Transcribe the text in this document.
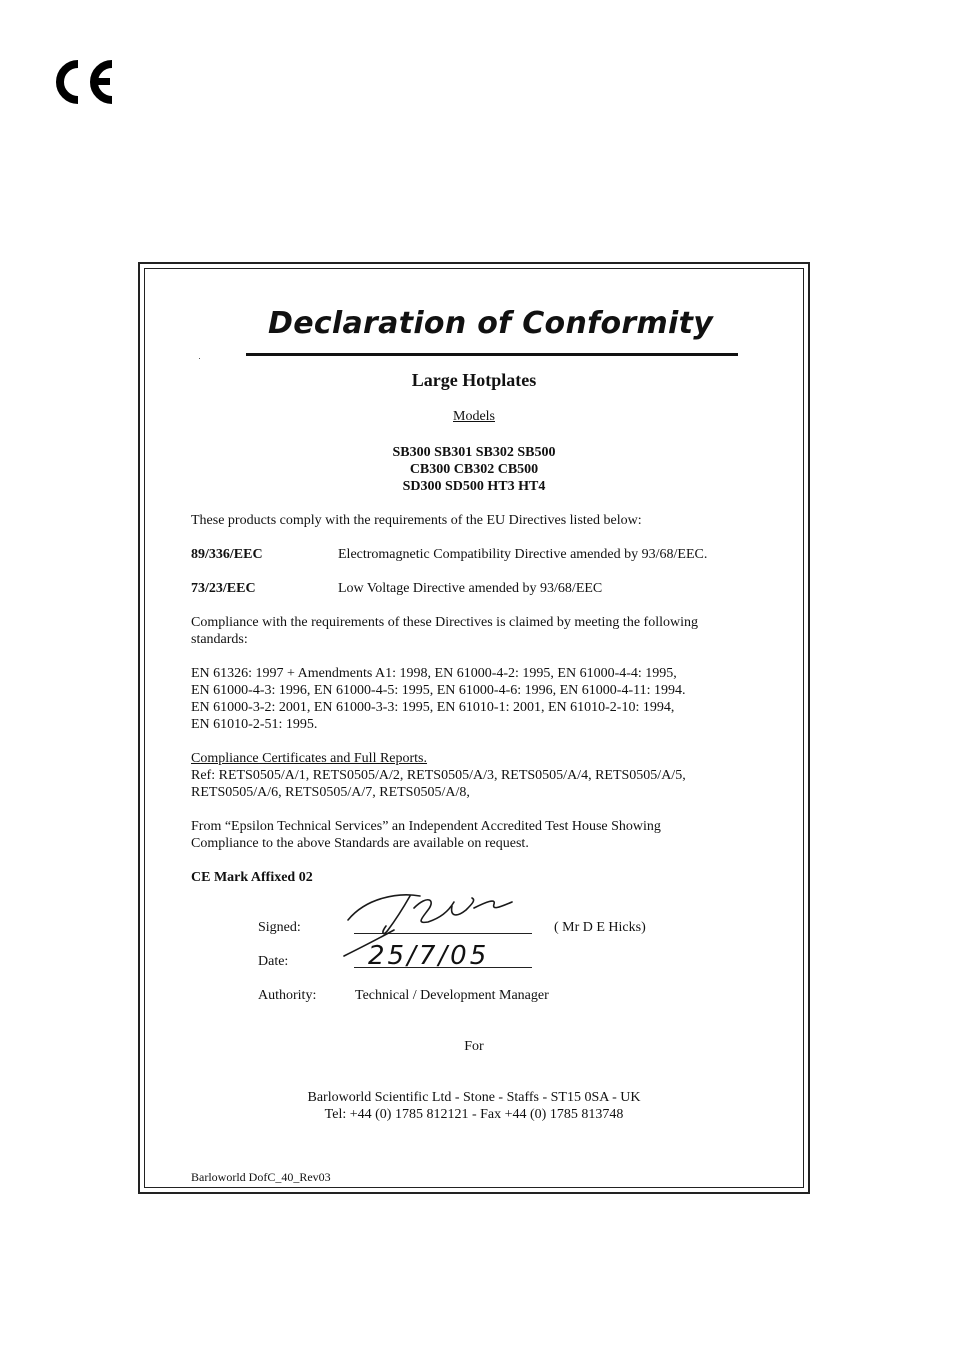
Declaration of Conformity
Large Hotplates
Models
SB300 SB301 SB302 SB500
CB300 CB302 CB500
SD300 SD500 HT3 HT4
These products comply with the requirements of the EU Directives listed below:
89/336/EEC	Electromagnetic Compatibility Directive amended by 93/68/EEC.
73/23/EEC	Low Voltage Directive amended by 93/68/EEC
Compliance with the requirements of these Directives is claimed by meeting the following
standards:
EN 61326: 1997 + Amendments A1: 1998, EN 61000-4-2: 1995, EN 61000-4-4: 1995,
EN 61000-4-3: 1996, EN 61000-4-5: 1995, EN 61000-4-6: 1996, EN 61000-4-11: 1994.
EN 61000-3-2: 2001, EN 61000-3-3: 1995, EN 61010-1: 2001, EN 61010-2-10: 1994,
EN 61010-2-51: 1995.
Compliance Certificates and Full Reports.
Ref: RETS0505/A/1, RETS0505/A/2, RETS0505/A/3, RETS0505/A/4, RETS0505/A/5,
RETS0505/A/6, RETS0505/A/7, RETS0505/A/8,
From “Epsilon Technical Services” an Independent Accredited Test House Showing
Compliance to the above Standards are available on request.
CE Mark Affixed 02
Signed:	( Mr D E Hicks)
Date:	25/7/05
Authority:	Technical / Development Manager
For
Barloworld Scientific Ltd - Stone - Staffs - ST15 0SA - UK
Tel: +44 (0) 1785 812121 - Fax +44 (0) 1785 813748
Barloworld DofC_40_Rev03
